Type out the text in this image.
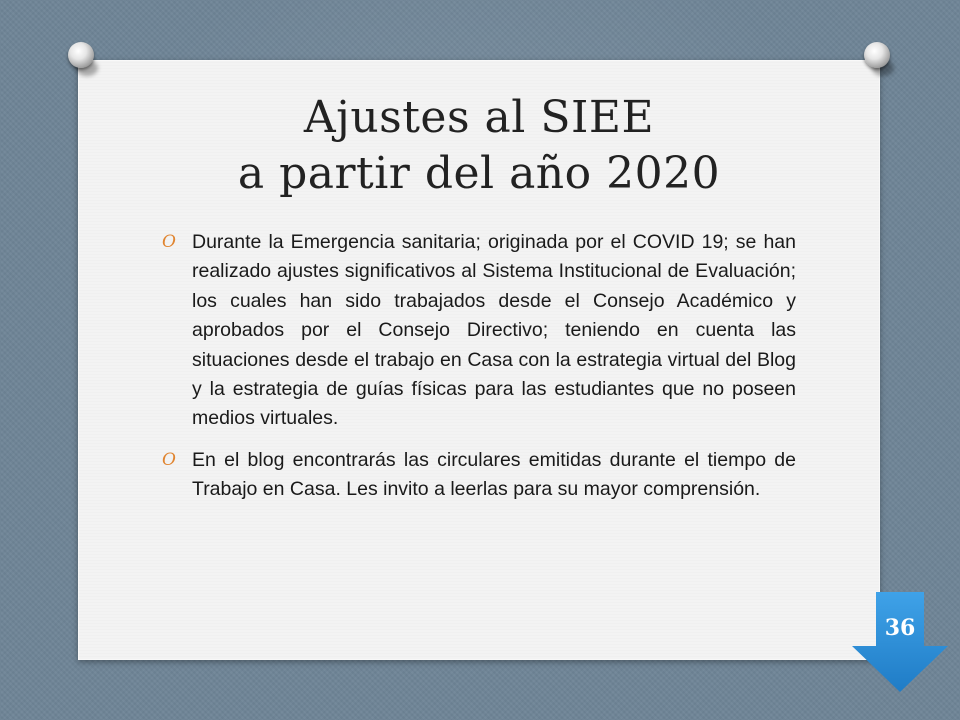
Ajustes al SIEE
a partir del año 2020
O Durante la Emergencia sanitaria; originada por el COVID 19; se han realizado ajustes significativos al Sistema Institucional de Evaluación; los cuales han sido trabajados desde el Consejo Académico y aprobados por el Consejo Directivo; teniendo en cuenta las situaciones desde el trabajo en Casa con la estrategia virtual del Blog y la estrategia de guías físicas para las estudiantes que no poseen medios virtuales.
O En el blog encontrarás las circulares emitidas durante el tiempo de Trabajo en Casa. Les invito a leerlas para su mayor comprensión.
36
